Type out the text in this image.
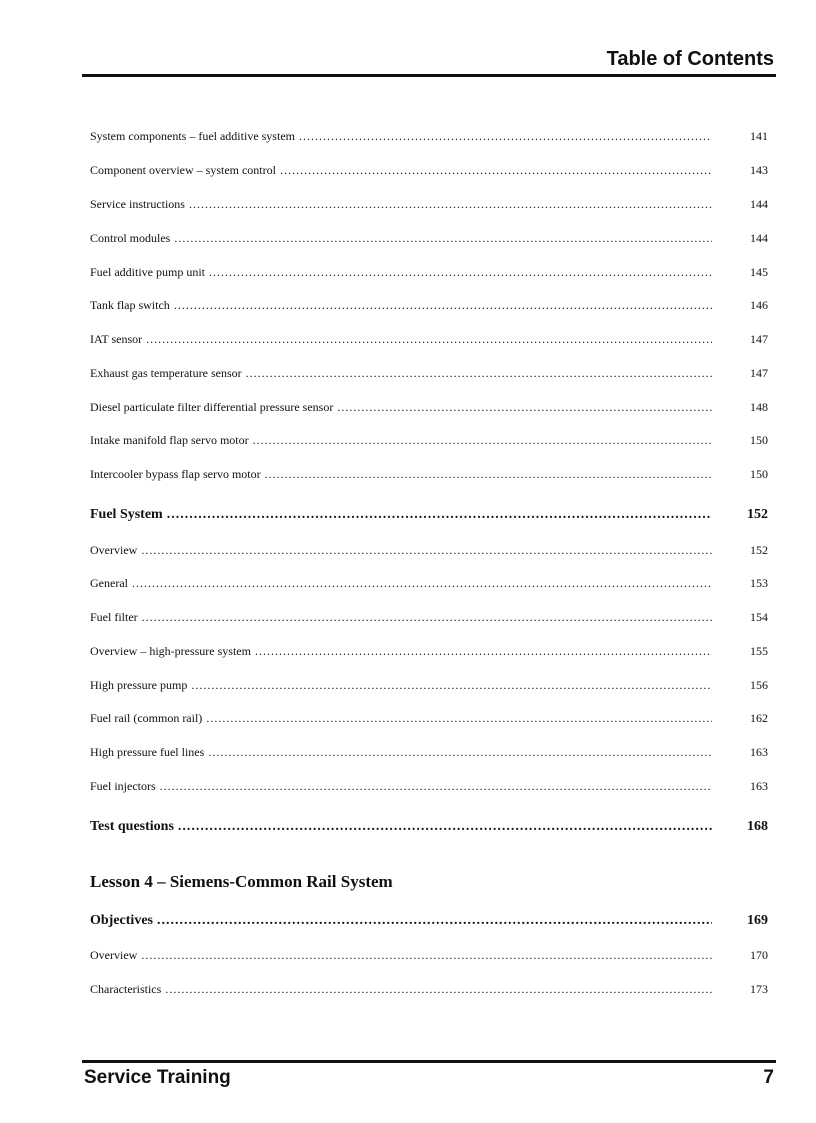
Table of Contents
System components – fuel additive system .....	141
Component overview – system control .....	143
Service instructions .....	144
Control modules .....	144
Fuel additive pump unit .....	145
Tank flap switch .....	146
IAT sensor .....	147
Exhaust gas temperature sensor .....	147
Diesel particulate filter differential pressure sensor .....	148
Intake manifold flap servo motor .....	150
Intercooler bypass flap servo motor .....	150
Fuel System .....	152
Overview .....	152
General .....	153
Fuel filter .....	154
Overview – high-pressure system .....	155
High pressure pump .....	156
Fuel rail (common rail) .....	162
High pressure fuel lines .....	163
Fuel injectors .....	163
Test questions .....	168
Lesson 4 – Siemens-Common Rail System
Objectives .....	169
Overview .....	170
Characteristics .....	173
Service Training	7
